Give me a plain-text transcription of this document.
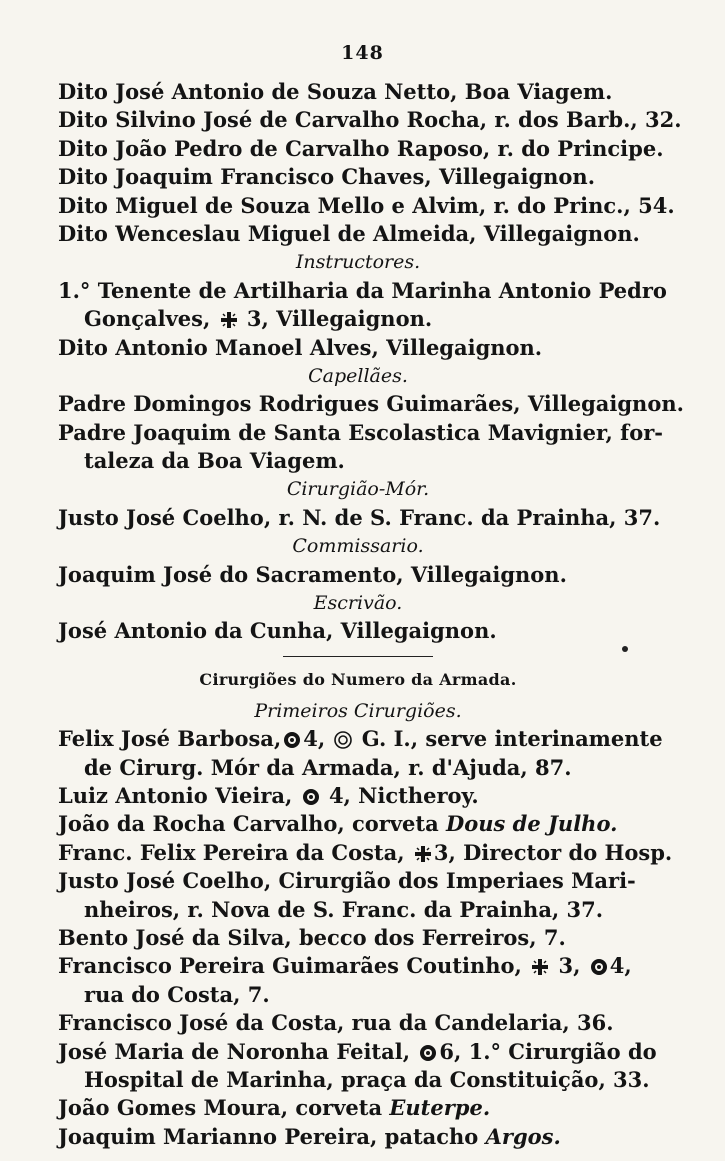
148
Dito José Antonio de Souza Netto, Boa Viagem.
Dito Silvino José de Carvalho Rocha, r. dos Barb., 32.
Dito João Pedro de Carvalho Raposo, r. do Principe.
Dito Joaquim Francisco Chaves, Villegaignon.
Dito Miguel de Souza Mello e Alvim, r. do Princ., 54.
Dito Wenceslau Miguel de Almeida, Villegaignon.
Instructores.
1.° Tenente de Artilharia da Marinha Antonio Pedro
Gonçalves, 3, Villegaignon.
Dito Antonio Manoel Alves, Villegaignon.
Capellães.
Padre Domingos Rodrigues Guimarães, Villegaignon.
Padre Joaquim de Santa Escolastica Mavignier, for-
taleza da Boa Viagem.
Cirurgião-Mór.
Justo José Coelho, r. N. de S. Franc. da Prainha, 37.
Commissario.
Joaquim José do Sacramento, Villegaignon.
Escrivão.
José Antonio da Cunha, Villegaignon.
Cirurgiões do Numero da Armada.
Primeiros Cirurgiões.
Felix José Barbosa, 4, G. I., serve interinamente
de Cirurg. Mór da Armada, r. d'Ajuda, 87.
Luiz Antonio Vieira, 4, Nictheroy.
João da Rocha Carvalho, corveta Dous de Julho.
Franc. Felix Pereira da Costa, 3, Director do Hosp.
Justo José Coelho, Cirurgião dos Imperiaes Mari-
nheiros, r. Nova de S. Franc. da Prainha, 37.
Bento José da Silva, becco dos Ferreiros, 7.
Francisco Pereira Guimarães Coutinho, 3, 4,
rua do Costa, 7.
Francisco José da Costa, rua da Candelaria, 36.
José Maria de Noronha Feital, 6, 1.° Cirurgião do
Hospital de Marinha, praça da Constituição, 33.
João Gomes Moura, corveta Euterpe.
Joaquim Marianno Pereira, patacho Argos.
